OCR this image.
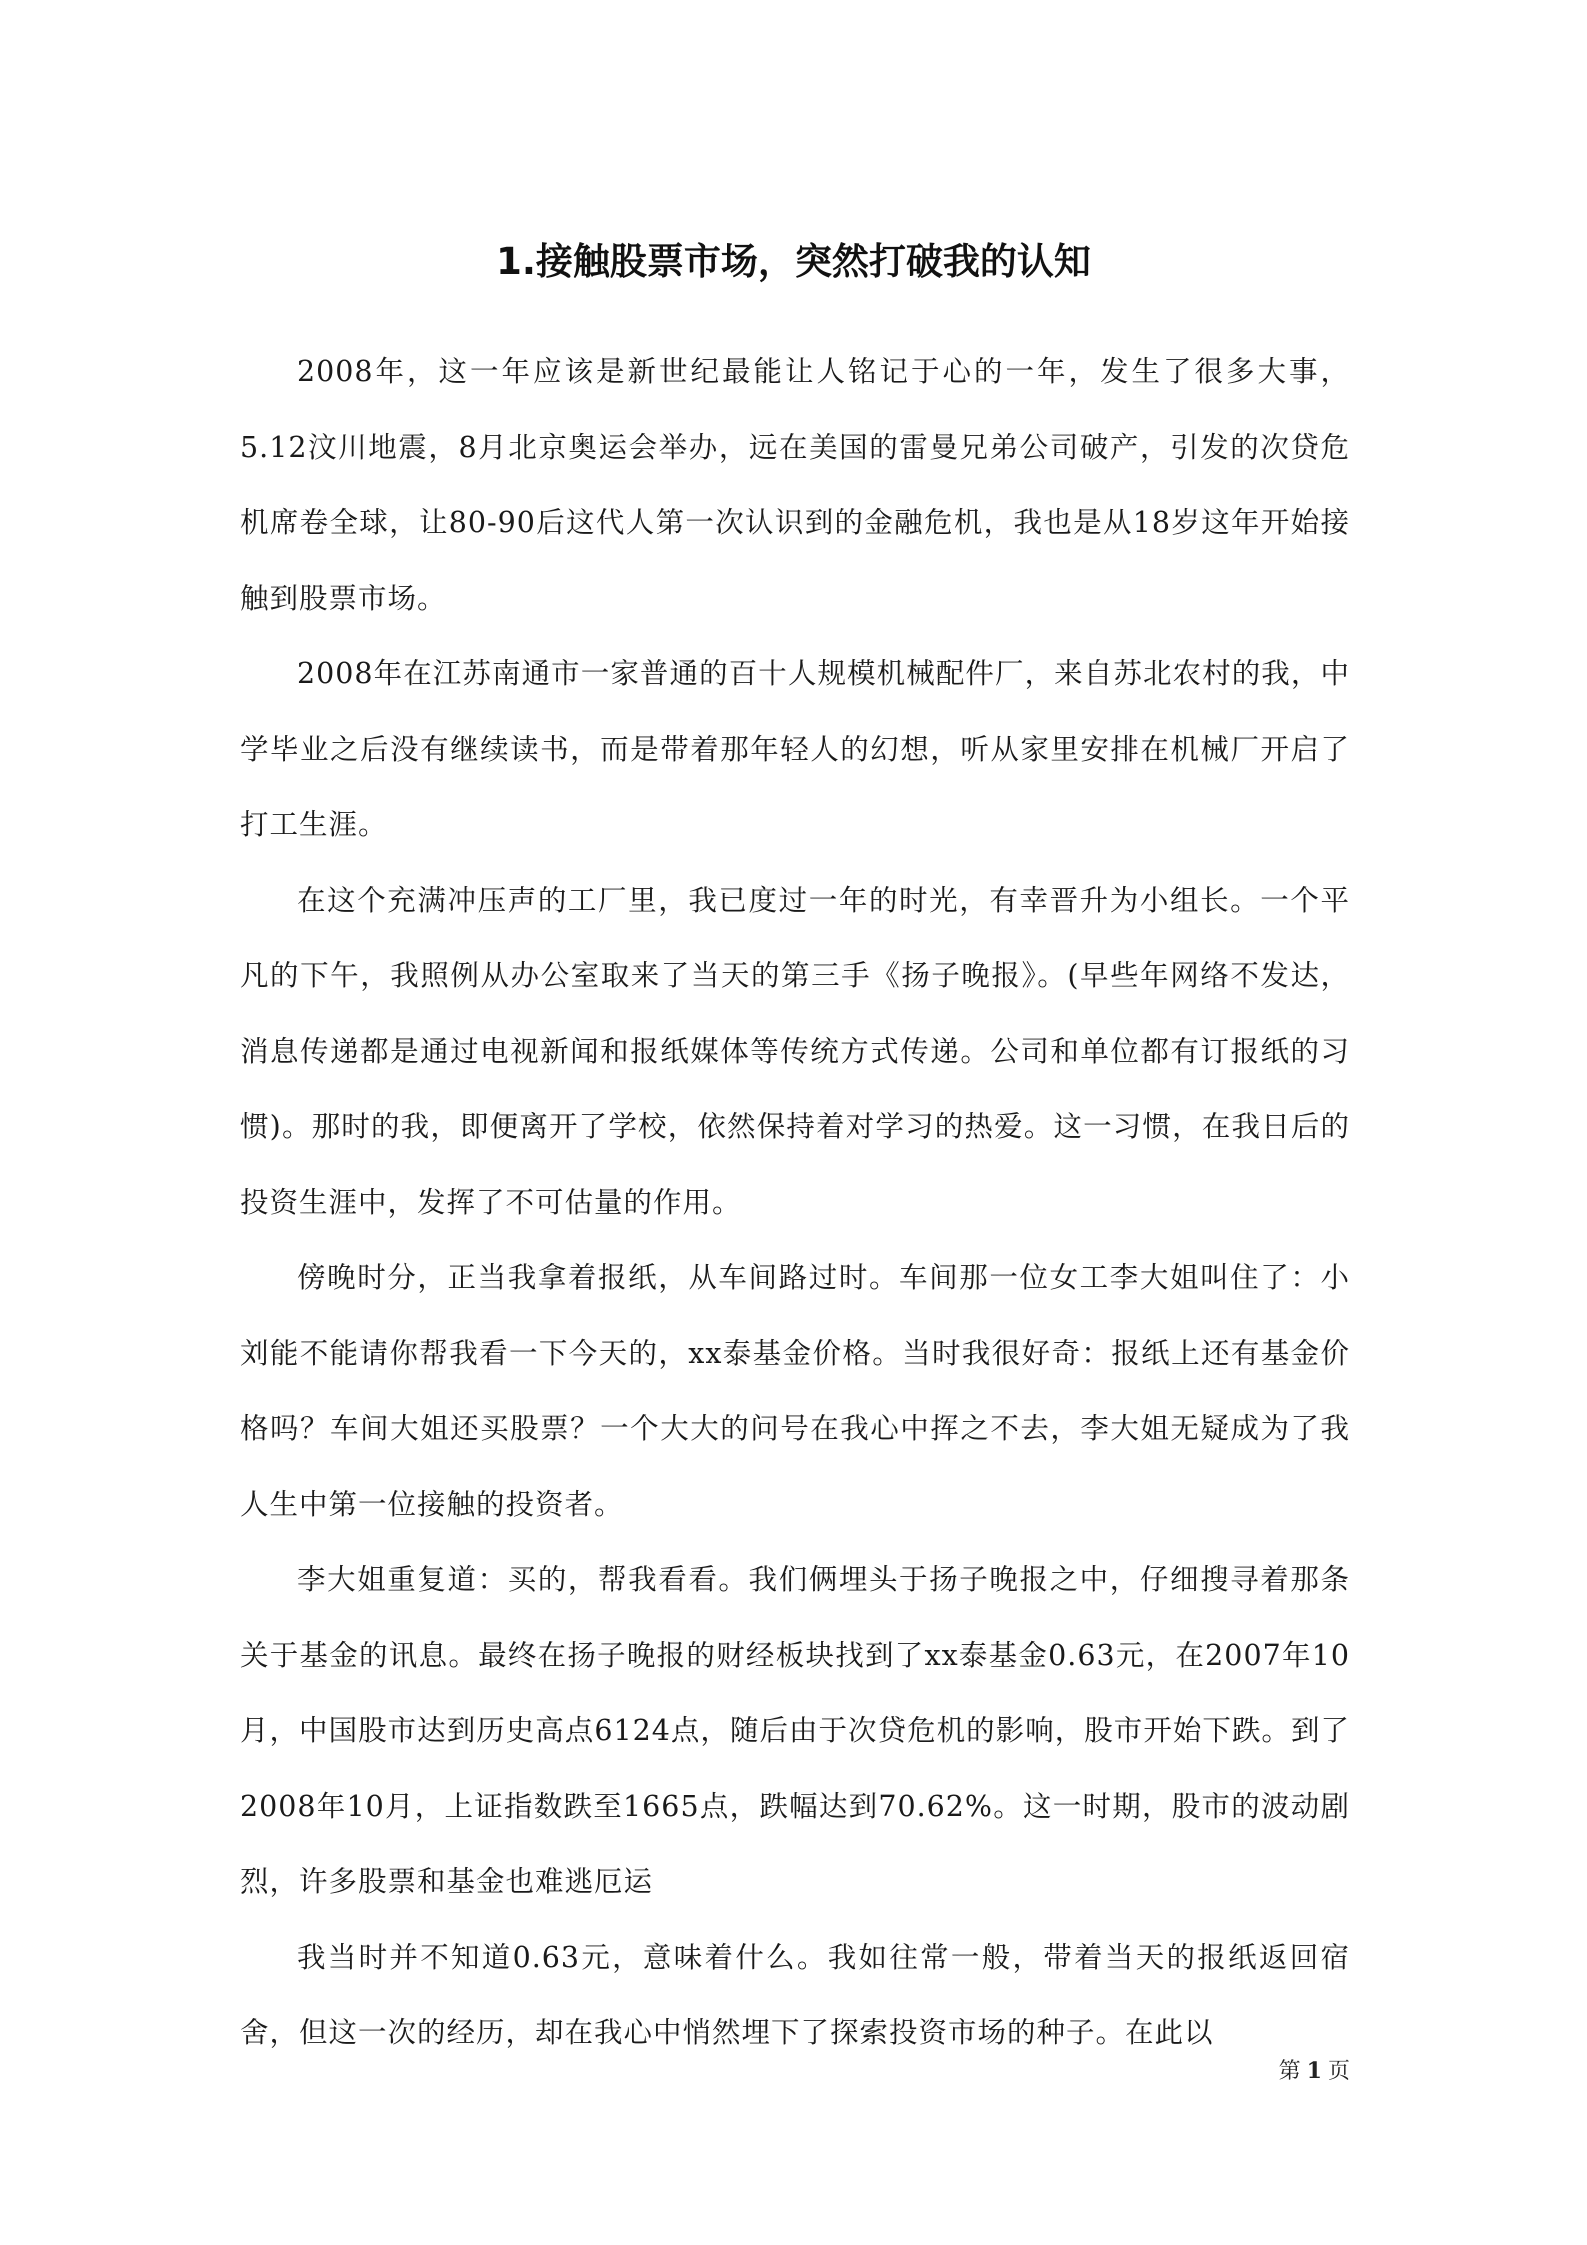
1.接触股票市场，突然打破我的认知

2008年，这一年应该是新世纪最能让人铭记于心的一年，发生了很多大事，5.12汶川地震，8月北京奥运会举办，远在美国的雷曼兄弟公司破产，引发的次贷危机席卷全球，让80-90后这代人第一次认识到的金融危机，我也是从18岁这年开始接触到股票市场。

2008年在江苏南通市一家普通的百十人规模机械配件厂，来自苏北农村的我，中学毕业之后没有继续读书，而是带着那年轻人的幻想，听从家里安排在机械厂开启了打工生涯。

在这个充满冲压声的工厂里，我已度过一年的时光，有幸晋升为小组长。一个平凡的下午，我照例从办公室取来了当天的第三手《扬子晚报》。(早些年网络不发达，消息传递都是通过电视新闻和报纸媒体等传统方式传递。公司和单位都有订报纸的习惯)。那时的我，即便离开了学校，依然保持着对学习的热爱。这一习惯，在我日后的投资生涯中，发挥了不可估量的作用。

傍晚时分，正当我拿着报纸，从车间路过时。车间那一位女工李大姐叫住了：小刘能不能请你帮我看一下今天的，xx泰基金价格。当时我很好奇：报纸上还有基金价格吗？车间大姐还买股票？一个大大的问号在我心中挥之不去，李大姐无疑成为了我人生中第一位接触的投资者。

李大姐重复道：买的，帮我看看。我们俩埋头于扬子晚报之中，仔细搜寻着那条关于基金的讯息。最终在扬子晚报的财经板块找到了xx泰基金0.63元，在2007年10月，中国股市达到历史高点6124点，随后由于次贷危机的影响，股市开始下跌。到了2008年10月，上证指数跌至1665点，跌幅达到70.62%。这一时期，股市的波动剧烈，许多股票和基金也难逃厄运

我当时并不知道0.63元，意味着什么。我如往常一般，带着当天的报纸返回宿舍，但这一次的经历，却在我心中悄然埋下了探索投资市场的种子。在此以

第 1 页
